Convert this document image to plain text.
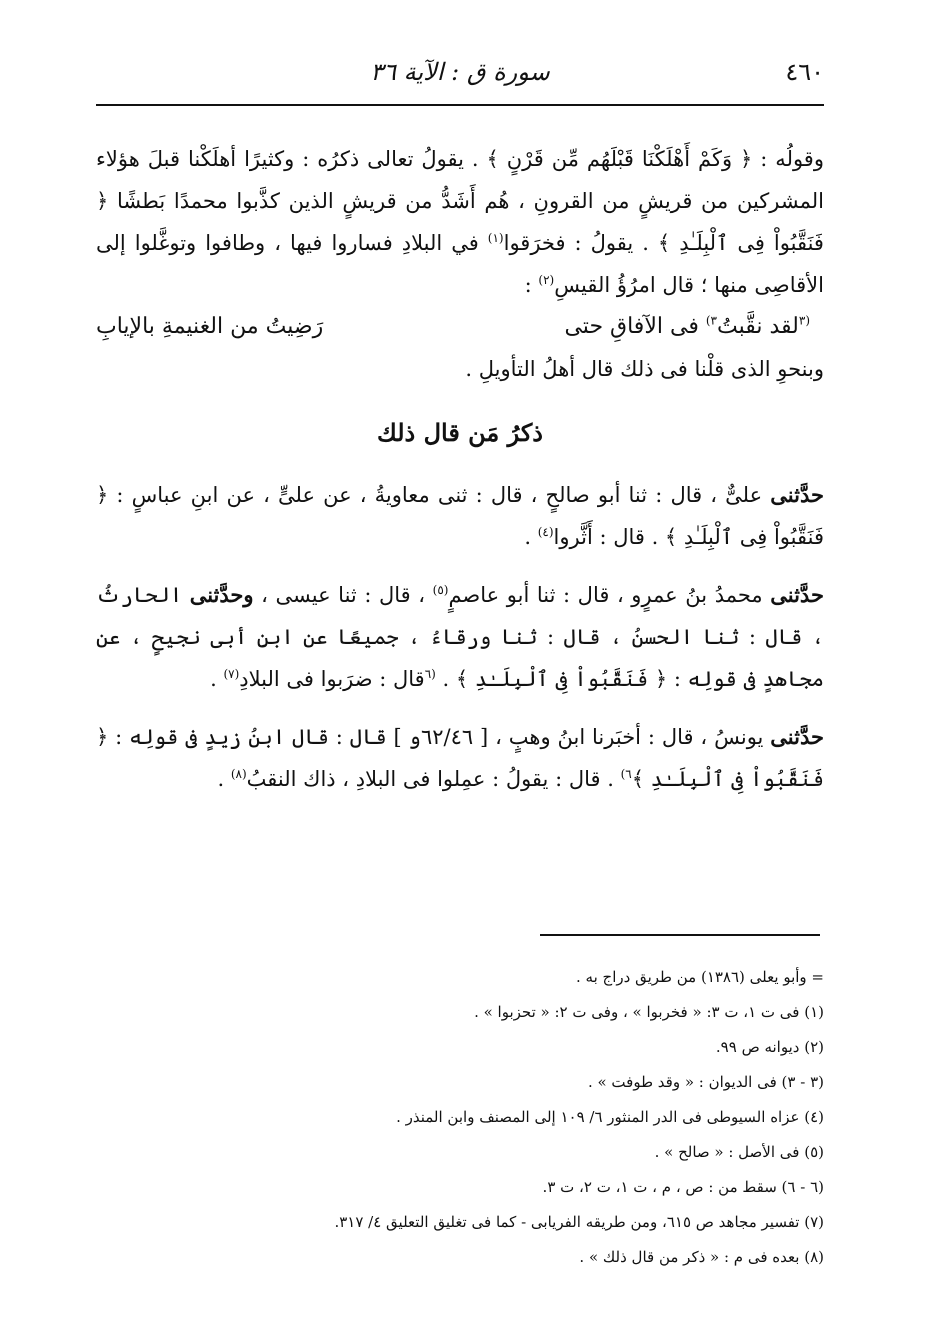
٤٦٠
سورة ق : الآية ٣٦

وقولُه : ﴿ وَكَمْ أَهْلَكْنَا قَبْلَهُم مِّن قَرْنٍ ﴾ . يقولُ تعالى ذكرُه : وكثيرًا أهلَكْنا قبلَ هؤلاء المشركين من قريشٍ من القرونِ ، هُم أَشَدُّ من قريشٍ الذين كذَّبوا محمدًا بَطشًا ﴿ فَنَقَّبُواْ فِى ٱلْبِلَـٰدِ ﴾ . يقولُ : فخرَقوا$^{(١)}$ في البلادِ فساروا فيها ، وطافوا وتوغَّلوا إلى الأقاصِى منها ؛ قال امرُؤُ القيسِ$^{(٢)}$ :

$^{(٣}$لقد نقَّبتُ$^{٣)}$ فى الآفاقِ حتى
رَضِيتُ من الغنيمةِ بالإيابِ

وبنحوِ الذى قلْنا فى ذلك قال أهلُ التأويلِ .

ذكرُ مَن قال ذلك

حدَّثنى علىٌّ ، قال : ثنا أبو صالحٍ ، قال : ثنى معاويةُ ، عن علىٍّ ، عن ابنِ عباسٍ : ﴿ فَنَقَّبُواْ فِى ٱلْبِلَـٰدِ ﴾ . قال : أَثَّروا$^{(٤)}$ .

حدَّثنى محمدُ بنُ عمرٍو ، قال : ثنا أبو عاصمٍ$^{(٥)}$ ، قال : ثنا عيسى ، وحدَّثنى الحارثُ ، قال : ثنا الحسنُ ، قال : ثنا ورقاءُ ، جميعًا عن ابنِ أبى نجيحٍ ، عن مجاهدٍ فى قولِه : ﴿ فَنَقَّبُواْ فِى ٱلْبِلَـٰدِ ﴾ . $^{(٦}$قال : ضرَبوا فى البلادِ$^{(٧)}$ .

حدَّثنى يونسُ ، قال : أخبَرنا ابنُ وهبٍ ، [ ٦٢/٤٦و ] قال : قال ابنُ زيدٍ فى قولِه : ﴿ فَنَقَّبُواْ فِى ٱلْبِلَـٰدِ ﴾$^{٦)}$ . قال : يقولُ : عمِلوا فى البلادِ ، ذاك النقبُ$^{(٨)}$ .

= وأبو يعلى (١٣٨٦) من طريق دراج به .
(١) فى ت ١، ت ٣: « فخربوا » ، وفى ت ٢: « تحزبوا » .
(٢) ديوانه ص ٩٩.
(٣ - ٣) فى الديوان : « وقد طوفت » .
(٤) عزاه السيوطى فى الدر المنثور ٦/ ١٠٩ إلى المصنف وابن المنذر .
(٥) فى الأصل : « صالح » .
(٦ - ٦) سقط من : ص ، م ، ت ١، ت ٢، ت ٣.
(٧) تفسير مجاهد ص ٦١٥، ومن طريقه الفريابى - كما فى تغليق التعليق ٤/ ٣١٧.
(٨) بعده فى م : « ذكر من قال ذلك » .
